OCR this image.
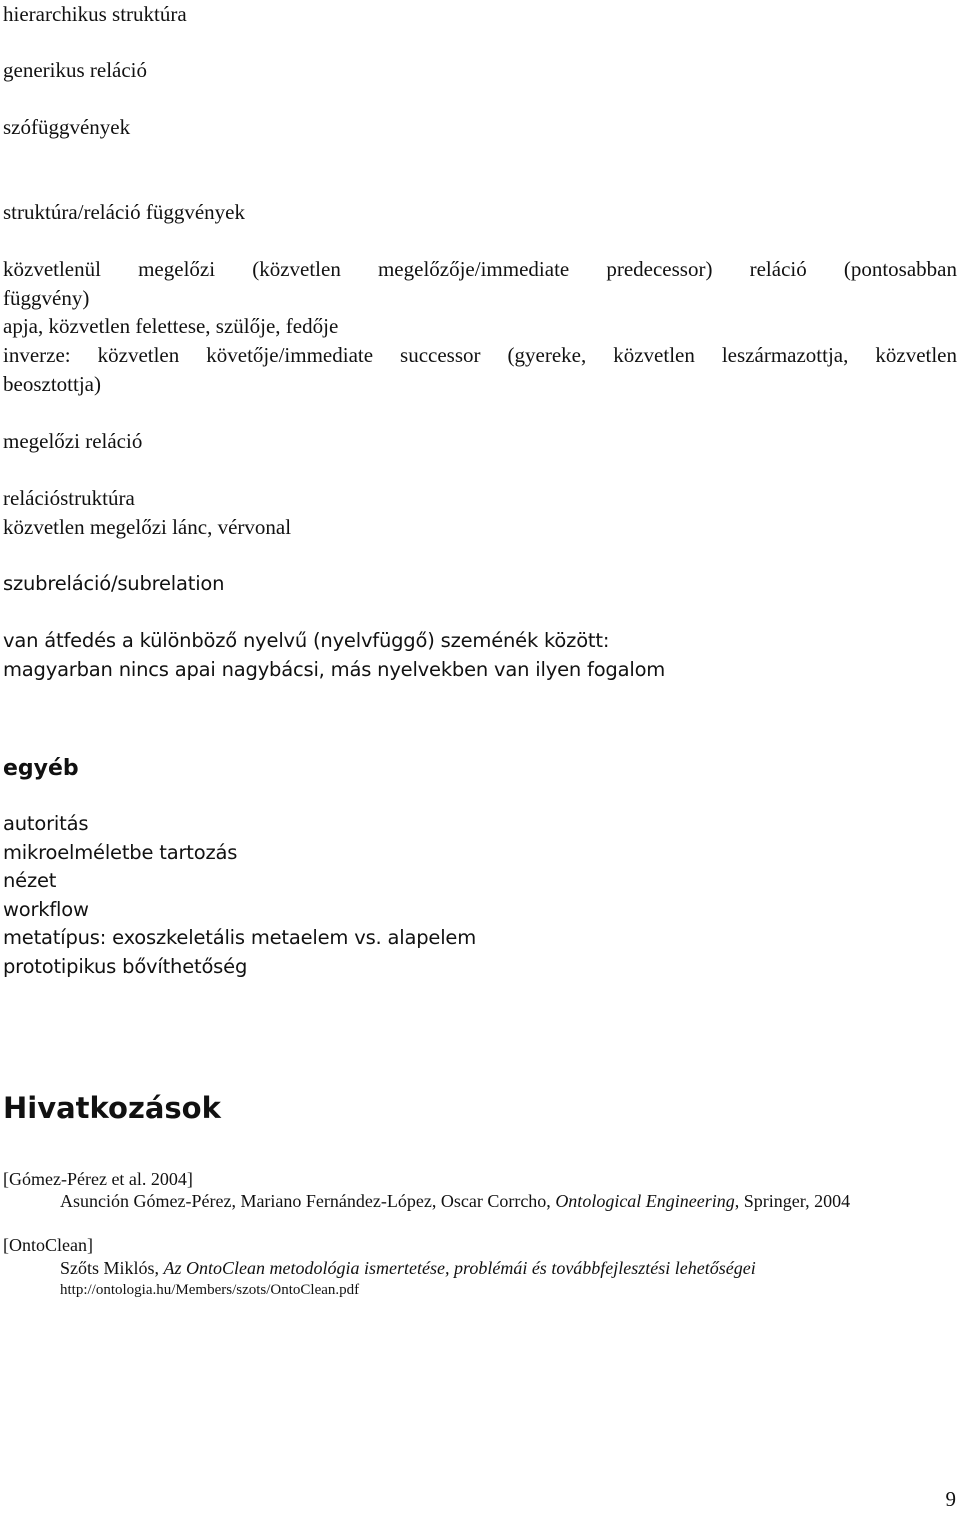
hierarchikus struktúra

generikus reláció

szófüggvények

struktúra/reláció függvények

közvetlenül megelőzi (közvetlen megelőzője/immediate predecessor) reláció (pontosabban

függvény)

apja, közvetlen felettese, szülője, fedője

inverze: közvetlen követője/immediate successor (gyereke, közvetlen leszármazottja, közvetlen

beosztottja)

megelőzi reláció

relációstruktúra

közvetlen megelőzi lánc, vérvonal

szubreláció/subrelation

van átfedés a különböző nyelvű (nyelvfüggő) szeménék között:

magyarban nincs apai nagybácsi, más nyelvekben van ilyen fogalom

egyéb

autoritás

mikroelméletbe tartozás

nézet

workflow

metatípus: exoszkeletális metaelem vs. alapelem

prototipikus bővíthetőség

Hivatkozások

[Gómez-Pérez et al. 2004]

Asunción Gómez-Pérez, Mariano Fernández-López, Oscar Corrcho, Ontological Engineering, Springer, 2004

[OntoClean]

Szőts Miklós, Az OntoClean metodológia ismertetése, problémái és továbbfejlesztési lehetőségei

http://ontologia.hu/Members/szots/OntoClean.pdf

9
